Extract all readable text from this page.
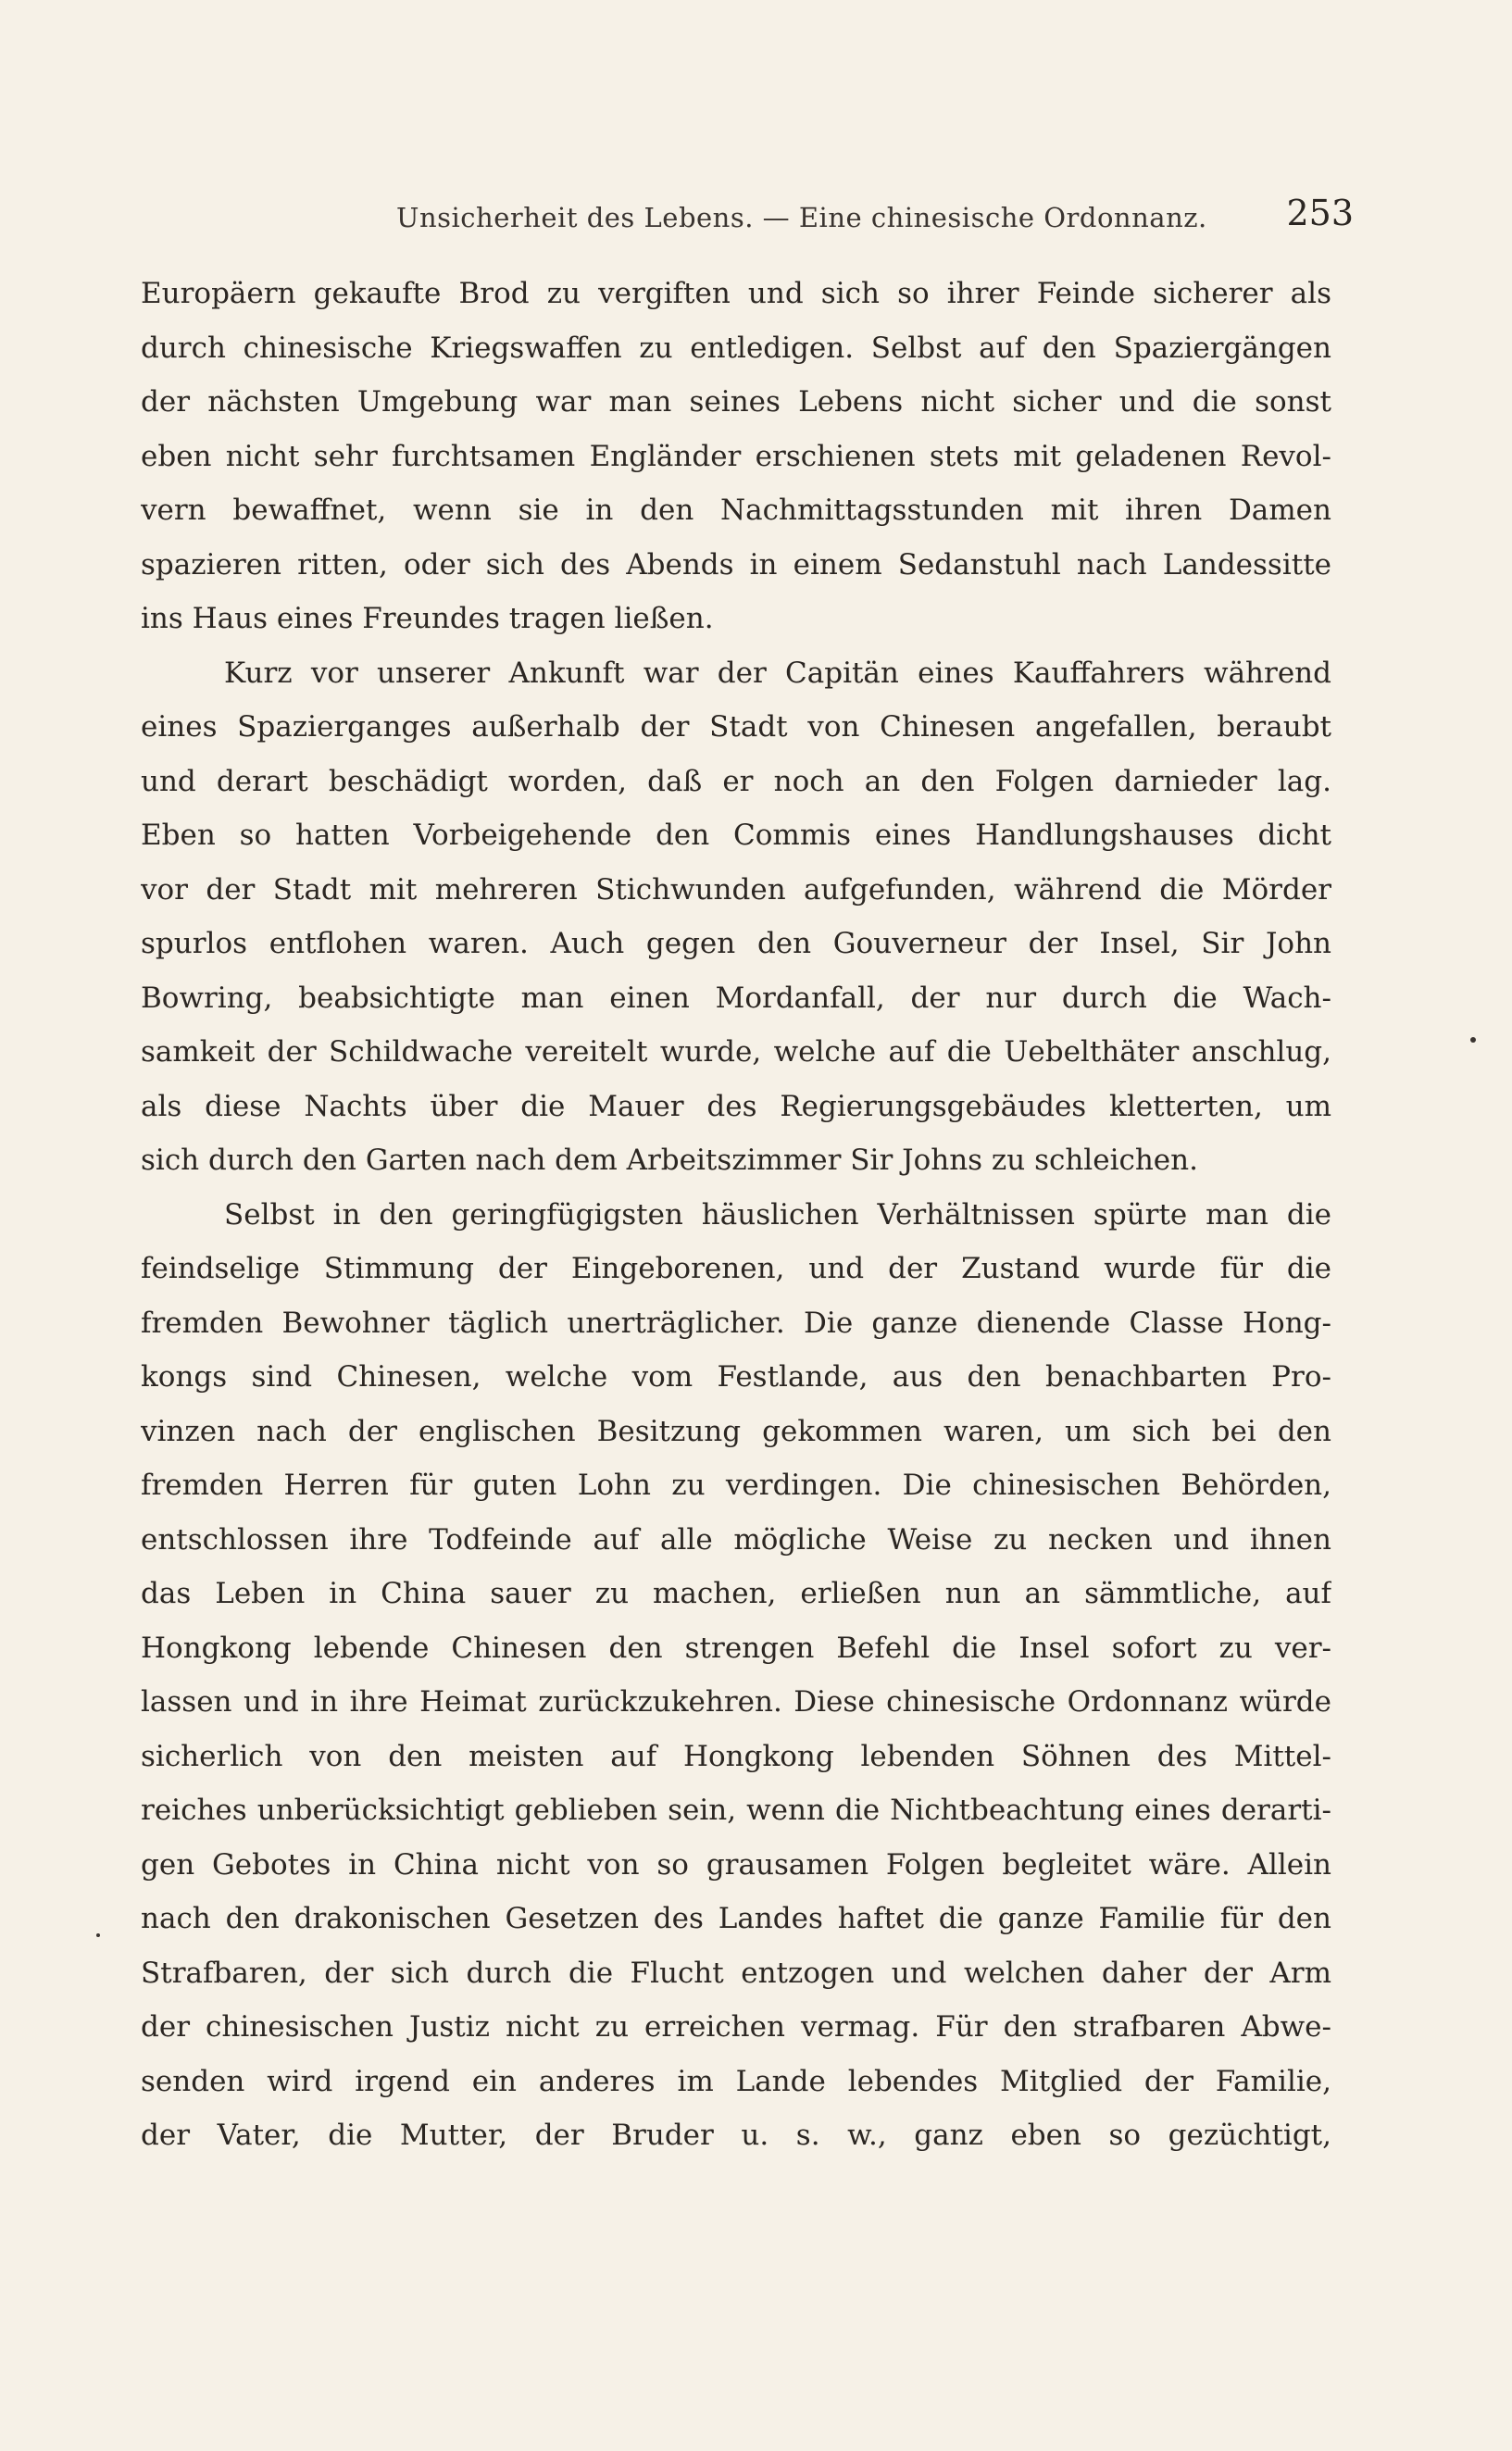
Unsicherheit des Lebens. — Eine chinesische Ordonnanz.	253
Europäern gekaufte Brod zu vergiften und sich so ihrer Feinde sicherer als
durch chinesische Kriegswaffen zu entledigen. Selbst auf den Spaziergängen
der nächsten Umgebung war man seines Lebens nicht sicher und die sonst
eben nicht sehr furchtsamen Engländer erschienen stets mit geladenen Revol-
vern bewaffnet, wenn sie in den Nachmittagsstunden mit ihren Damen
spazieren ritten, oder sich des Abends in einem Sedanstuhl nach Landessitte
ins Haus eines Freundes tragen ließen.
Kurz vor unserer Ankunft war der Capitän eines Kauffahrers während
eines Spazierganges außerhalb der Stadt von Chinesen angefallen, beraubt
und derart beschädigt worden, daß er noch an den Folgen darnieder lag.
Eben so hatten Vorbeigehende den Commis eines Handlungshauses dicht
vor der Stadt mit mehreren Stichwunden aufgefunden, während die Mörder
spurlos entflohen waren. Auch gegen den Gouverneur der Insel, Sir John
Bowring, beabsichtigte man einen Mordanfall, der nur durch die Wach-
samkeit der Schildwache vereitelt wurde, welche auf die Uebelthäter anschlug,
als diese Nachts über die Mauer des Regierungsgebäudes kletterten, um
sich durch den Garten nach dem Arbeitszimmer Sir Johns zu schleichen.
Selbst in den geringfügigsten häuslichen Verhältnissen spürte man die
feindselige Stimmung der Eingeborenen, und der Zustand wurde für die
fremden Bewohner täglich unerträglicher. Die ganze dienende Classe Hong-
kongs sind Chinesen, welche vom Festlande, aus den benachbarten Pro-
vinzen nach der englischen Besitzung gekommen waren, um sich bei den
fremden Herren für guten Lohn zu verdingen. Die chinesischen Behörden,
entschlossen ihre Todfeinde auf alle mögliche Weise zu necken und ihnen
das Leben in China sauer zu machen, erließen nun an sämmtliche, auf
Hongkong lebende Chinesen den strengen Befehl die Insel sofort zu ver-
lassen und in ihre Heimat zurückzukehren. Diese chinesische Ordonnanz würde
sicherlich von den meisten auf Hongkong lebenden Söhnen des Mittel-
reiches unberücksichtigt geblieben sein, wenn die Nichtbeachtung eines derarti-
gen Gebotes in China nicht von so grausamen Folgen begleitet wäre. Allein
nach den drakonischen Gesetzen des Landes haftet die ganze Familie für den
Strafbaren, der sich durch die Flucht entzogen und welchen daher der Arm
der chinesischen Justiz nicht zu erreichen vermag. Für den strafbaren Abwe-
senden wird irgend ein anderes im Lande lebendes Mitglied der Familie,
der Vater, die Mutter, der Bruder u. s. w., ganz eben so gezüchtigt,
